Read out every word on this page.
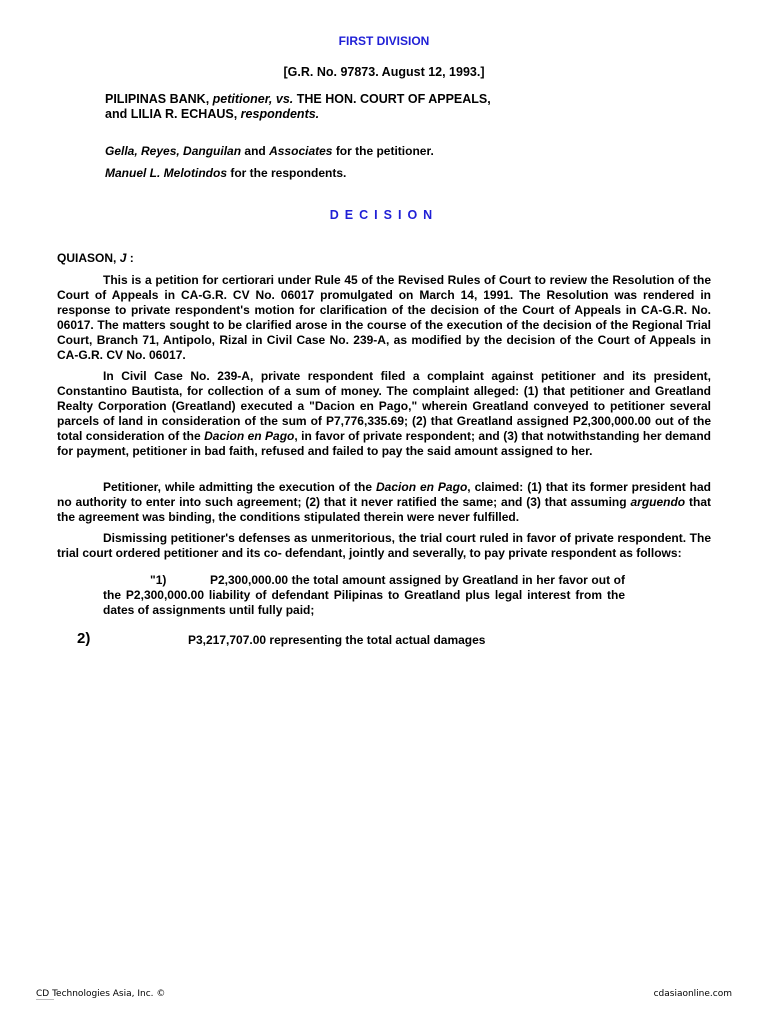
FIRST DIVISION
[G.R. No. 97873. August 12, 1993.]
PILIPINAS BANK, petitioner, vs. THE HON. COURT OF APPEALS,
and LILIA R. ECHAUS, respondents.
Gella, Reyes, Danguilan and Associates for the petitioner.
Manuel L. Melotindos for the respondents.
DECISION
QUIASON, J :
This is a petition for certiorari under Rule 45 of the Revised Rules of Court to review the Resolution of the Court of Appeals in CA-G.R. CV No. 06017 promulgated on March 14, 1991. The Resolution was rendered in response to private respondent's motion for clarification of the decision of the Court of Appeals in CA-G.R. No. 06017. The matters sought to be clarified arose in the course of the execution of the decision of the Regional Trial Court, Branch 71, Antipolo, Rizal in Civil Case No. 239-A, as modified by the decision of the Court of Appeals in CA-G.R. CV No. 06017.
In Civil Case No. 239-A, private respondent filed a complaint against petitioner and its president, Constantino Bautista, for collection of a sum of money. The complaint alleged: (1) that petitioner and Greatland Realty Corporation (Greatland) executed a "Dacion en Pago," wherein Greatland conveyed to petitioner several parcels of land in consideration of the sum of P7,776,335.69; (2) that Greatland assigned P2,300,000.00 out of the total consideration of the Dacion en Pago, in favor of private respondent; and (3) that notwithstanding her demand for payment, petitioner in bad faith, refused and failed to pay the said amount assigned to her.
Petitioner, while admitting the execution of the Dacion en Pago, claimed: (1) that its former president had no authority to enter into such agreement; (2) that it never ratified the same; and (3) that assuming arguendo that the agreement was binding, the conditions stipulated therein were never fulfilled.
Dismissing petitioner's defenses as unmeritorious, the trial court ruled in favor of private respondent. The trial court ordered petitioner and its co- defendant, jointly and severally, to pay private respondent as follows:
"1)	P2,300,000.00 the total amount assigned by Greatland in her favor out of the P2,300,000.00 liability of defendant Pilipinas to Greatland plus legal interest from the dates of assignments until fully paid;
2)	P3,217,707.00 representing the total actual damages
CD Technologies Asia, Inc. ©	cdasiaonline.com
